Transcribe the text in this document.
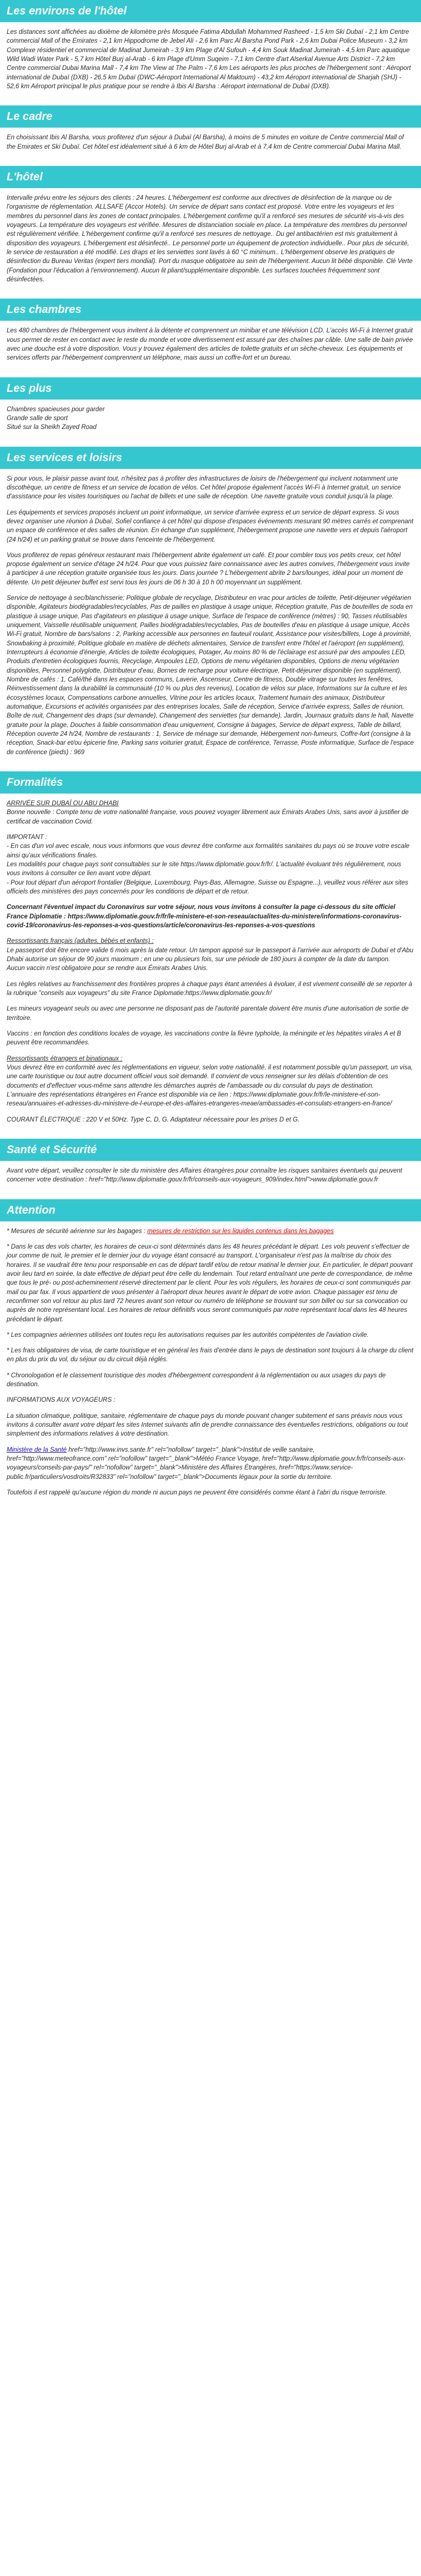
Les environs de l'hôtel

Les distances sont affichées au dixième de kilomètre près Mosquée Fatima Abdullah Mohammed Rasheed - 1,5 km Ski Dubaï - 2,1 km Centre commercial Mall of the Emirates - 2,1 km Hippodrome de Jebel Ali - 2,6 km Parc Al Barsha Pond Park - 2,6 km Dubai Police Museum - 3,2 km Complexe résidentiel et commercial de Madinat Jumeirah - 3,9 km Plage d'Al Sufouh - 4,4 km Souk Madinat Jumeirah - 4,5 km Parc aquatique Wild Wadi Water Park - 5,7 km Hôtel Burj al-Arab - 6 km Plage d'Umm Suqeim - 7,1 km Centre d'art Alserkal Avenue Arts District - 7,2 km Centre commercial Dubai Marina Mall - 7,4 km The View at The Palm - 7,6 km Les aéroports les plus proches de l'hébergement sont : Aéroport international de Dubaï (DXB) - 26,5 km Dubaï (DWC-Aéroport International Al Maktoum) - 43,2 km Aéroport international de Sharjah (SHJ) - 52,6 km Aéroport principal le plus pratique pour se rendre à Ibis Al Barsha : Aéroport international de Dubaï (DXB).

Le cadre

En choisissant Ibis Al Barsha, vous profiterez d'un séjour à Dubaï (Al Barsha), à moins de 5 minutes en voiture de Centre commercial Mall of the Emirates et Ski Dubaï. Cet hôtel est idéalement situé à 6 km de Hôtel Burj al-Arab et à 7,4 km de Centre commercial Dubai Marina Mall.

L'hôtel

Intervalle prévu entre les séjours des clients : 24 heures. L'hébergement est conforme aux directives de désinfection de la marque ou de l'organisme de réglementation. ALLSAFE (Accor Hotels). Un service de départ sans contact est proposé. Votre entre les voyageurs et les membres du personnel dans les zones de contact principales. L'hébergement confirme qu'il a renforcé ses mesures de sécurité vis-à-vis des voyageurs. La température des voyageurs est vérifiée. Mesures de distanciation sociale en place. La température des membres du personnel est régulièrement vérifiée. L'hébergement confirme qu'il a renforcé ses mesures de nettoyage.. Du gel antibactérien est mis gratuitement à disposition des voyageurs. L'hébergement est désinfecté.. Le personnel porte un équipement de protection individuelle.. Pour plus de sécurité, le service de restauration a été modifié. Les draps et les serviettes sont lavés à 60 °C minimum.. L'hébergement observe les pratiques de désinfection du Bureau Veritas (expert tiers mondial). Port du masque obligatoire au sein de l'hébergement. Aucun lit bébé disponible. Clé Verte (Fondation pour l'éducation à l'environnement). Aucun lit pliant/supplémentaire disponible. Les surfaces touchées fréquemment sont désinfectées.

Les chambres

Les 480 chambres de l'hébergement vous invitent à la détente et comprennent un minibar et une télévision LCD. L'accès Wi-Fi à Internet gratuit vous permet de rester en contact avec le reste du monde et votre divertissement est assuré par des chaînes par câble. Une salle de bain privée avec une douche est à votre disposition. Vous y trouvez également des articles de toilette gratuits et un sèche-cheveux. Les équipements et services offerts par l'hébergement comprennent un téléphone, mais aussi un coffre-fort et un bureau.

Les plus

Chambres spacieuses pour garder
Grande salle de sport
Situé sur la Sheikh Zayed Road

Les services et loisirs

Si pour vous, le plaisir passe avant tout, n'hésitez pas à profiter des infrastructures de loisirs de l'hébergement qui incluent notamment une discothèque, un centre de fitness et un service de location de vélos. Cet hôtel propose également l'accès Wi-Fi à Internet gratuit, un service d'assistance pour les visites touristiques ou l'achat de billets et une salle de réception. Une navette gratuite vous conduit jusqu'à la plage.

Les équipements et services proposés incluent un point informatique, un service d'arrivée express et un service de départ express. Si vous devez organiser une réunion à Dubaï, Sofiel confiance à cet hôtel qui dispose d'espaces événements mesurant 90 mètres carrés et comprenant un espace de conférence et des salles de réunion. En échange d'un supplément, l'hébergement propose une navette vers et depuis l'aéroport (24 h/24) et un parking gratuit se trouve dans l'enceinte de l'hébergement.

Vous profiterez de repas généreux restaurant mais l'hébergement abrite également un café. Et pour combler tous vos petits creux, cet hôtel propose également un service d'étage 24 h/24. Pour que vous puissiez faire connaissance avec les autres convives, l'hébergement vous invite à participer à une réception gratuite organisée tous les jours. Dans journée ? L'hébergement abrite 2 bars/lounges, idéal pour un moment de détente. Un petit déjeuner buffet est servi tous les jours de 06 h 30 à 10 h 00 moyennant un supplément.

Service de nettoyage à sec/blanchisserie; Politique globale de recyclage, Distributeur en vrac pour articles de toilette, Petit-déjeuner végétarien disponible, Agitateurs biodégradables/recyclables, Pas de pailles en plastique à usage unique, Réception gratuite, Pas de bouteilles de soda en plastique à usage unique, Pas d'agitateurs en plastique à usage unique, Surface de l'espace de conférence (mètres) : 90, Tasses réutilisables uniquement, Vaisselle réutilisable uniquement, Pailles biodégradables/recyclables, Pas de bouteilles d'eau en plastique à usage unique, Accès Wi-Fi gratuit, Nombre de bars/salons : 2, Parking accessible aux personnes en fauteuil roulant, Assistance pour visites/billets, Loge à provimité, Snowbaking à proximité, Politique globale en matière de déchets alimentaires, Service de transfert entre l'hôtel et l'aéroport (en supplément), Interrupteurs à économie d'énergie, Articles de toilette écologiques, Potager, Au moins 80 % de l'éclairage est assuré par des ampoules LED, Produits d'entretien écologiques fournis, Recyclage, Ampoules LED, Options de menu végétarien disponibles, Options de menu végétarien disponibles, Personnel polyglotte, Distributeur d'eau, Bornes de recharge pour voiture électrique, Petit-déjeuner disponible (en supplément), Nombre de cafés : 1, Café/thé dans les espaces communs, Laverie, Ascenseur, Centre de fitness, Double vitrage sur toutes les fenêtres, Réinvestissement dans la durabilité la communauté (10 % ou plus des revenus), Location de vélos sur place, Informations sur la culture et les écosystèmes locaux, Compensations carbone annuelles, Vitrine pour les articles locaux, Traitement humain des animaux, Distributeur automatique, Excursions et activités organisées par des entreprises locales, Salle de réception, Service d'arrivée express, Salles de réunion, Boîte de nuit, Changement des draps (sur demande), Changement des serviettes (sur demande), Jardin, Journaux gratuits dans le hall, Navette gratuite pour la plage, Douches à faible consommation d'eau uniquement, Consigne à bagages, Service de départ express, Table de billard, Réception ouverte 24 h/24, Nombre de restaurants : 1, Service de ménage sur demande, Hébergement non-fumeurs, Coffre-fort (consigne à la réception, Snack-bar et/ou épicerie fine, Parking sans voiturier gratuit, Espace de conférence, Terrasse, Poste informatique, Surface de l'espace de conférence (pieds) : 969

Formalités

ARRIVÉE SUR DUBAÏ OU ABU DHABI
Bonne nouvelle : Compte tenu de votre nationalité française, vous pouvez voyager librement aux Émirats Arabes Unis, sans avoir à justifier de certificat de vaccination Covid.

IMPORTANT :
- En cas d'un vol avec escale, nous vous informons que vous devrez être conforme aux formalités sanitaires du pays où se trouve votre escale ainsi qu'aux vérifications finales.
Les modalités pour chaque pays sont consultables sur le site https://www.diplomatie.gouv.fr/fr/. L'actualité évoluant très régulièrement, nous vous invitons à consulter ce lien avant votre départ.
- Pour tout départ d'un aéroport frontalier (Belgique, Luxembourg, Pays-Bas, Allemagne, Suisse ou Espagne...), veuillez vous référer aux sites officiels des ministères des pays concernés pour les conditions de départ et de retour.

Concernant l'éventuel impact du Coronavirus sur votre séjour, nous vous invitons à consulter la page ci-dessous du site officiel France Diplomatie : https://www.diplomatie.gouv.fr/fr/le-ministere-et-son-reseau/actualites-du-ministere/informations-coronavirus-covid-19/coronavirus-les-reponses-a-vos-questions/article/coronavirus-les-reponses-a-vos-questions

Ressortissants français (adultes, bébés et enfants) :
Le passeport doit être encore valide 6 mois après la date retour. Un tampon apposé sur le passeport à l'arrivée aux aéroports de Dubaï et d'Abu Dhabi autorise un séjour de 90 jours maximum ; en une ou plusieurs fois, sur une période de 180 jours à compter de la date du tampon.
Aucun vaccin n'est obligatoire pour se rendre aux Émirats Arabes Unis.

Les règles relatives au franchissement des frontières propres à chaque pays étant amenées à évoluer, il est vivement conseillé de se reporter à la rubrique "conseils aux voyageurs" du site France Diplomatie:https://www.diplomatie.gouv.fr/

Les mineurs voyageant seuls ou avec une personne ne disposant pas de l'autorité parentale doivent être munis d'une autorisation de sortie de territoire.

Vaccins : en fonction des conditions locales de voyage, les vaccinations contre la fièvre typhoïde, la méningite et les hépatites virales A et B peuvent être recommandées.

Ressortissants étrangers et binationaux :
Vous devrez être en conformité avec les réglementations en vigueur, selon votre nationalité, il est notamment possible qu'un passeport, un visa, une carte touristique ou tout autre document officiel vous soit demandé. Il convient de vous renseigner sur les délais d'obtention de ces documents et d'effectuer vous-même sans attendre les démarches auprès de l'ambassade ou du consulat du pays de destination.
L'annuaire des représentations étrangères en France est disponible via ce lien : https://www.diplomatie.gouv.fr/fr/le-ministere-et-son-reseau/annuaires-et-adresses-du-ministere-de-l-europe-et-des-affaires-etrangeres-meae/ambassades-et-consulats-etrangers-en-france/

COURANT ÉLECTRIQUE : 220 V et 50Hz. Type C, D, G. Adaptateur nécessaire pour les prises D et G.

Santé et Sécurité

Avant votre départ, veuillez consulter le site du ministère des Affaires étrangères pour connaître les risques sanitaires éventuels qui peuvent concerner votre destination : href="http://www.diplomatie.gouv.fr/fr/conseils-aux-voyageurs_909/index.html">www.diplomatie.gouv.fr

Attention

* Mesures de sécurité aérienne sur les bagages : mesures de restriction sur les liquides contenus dans les bagages

* Dans le cas des vols charter, les horaires de ceux-ci sont déterminés dans les 48 heures précédant le départ. Les vols peuvent s'effectuer de jour comme de nuit, le premier et le dernier jour du voyage étant consacré au transport. L'organisateur n'est pas la maîtrise du choix des horaires. Il se vaudrait être tenu pour responsable en cas de départ tardif et/ou de retour matinal le dernier jour. En particulier, le départ pouvant avoir lieu tard en soirée, la date effective de départ peut être celle du lendemain. Tout retard entraînant une perte de correspondance, de même que tous le pré- ou post-acheminement réservé directement par le client. Pour les vols réguliers, les horaires de ceux-ci sont communiqués par mail ou par fax. Il vous appartient de vous présenter à l'aéroport deux heures avant le départ de votre avion. Chaque passager est tenu de reconfirmer son vol retour au plus tard 72 heures avant son retour ou numéro de téléphone se trouvant sur son billet ou sur sa convocation ou auprès de notre représentant local. Les horaires de retour définitifs vous seront communiqués par notre représentant local dans les 48 heures précédant le départ.

* Les compagnies aériennes utilisées ont toutes reçu les autorisations requises par les autorités compétentes de l'aviation civile.

* Les frais obligatoires de visa, de carte touristique et en général les frais d'entrée dans le pays de destination sont toujours à la charge du client en plus du prix du vol, du séjour ou du circuit déjà réglés.

* Chronologation et le classement touristique des modes d'hébergement correspondent à la réglementation ou aux usages du pays de destination.

INFORMATIONS AUX VOYAGEURS :

La situation climatique, politique, sanitaire, réglementaire de chaque pays du monde pouvant changer subitement et sans préavis nous vous invitons à consulter avant votre départ les sites Internet suivants afin de prendre connaissance des éventuelles restrictions, obligations ou tout simplement des informations relatives à votre destination.

Ministère de la Santé href="http://www.invs.sante.fr" rel="nofollow" target="_blank">Institut de veille sanitaire, href="http://www.meteofrance.com" rel="nofollow" target="_blank">Météo France Voyage, href="http://www.diplomatie.gouv.fr/fr/conseils-aux-voyageurs/conseils-par-pays/" rel="nofollow" target="_blank">Ministère des Affaires Étrangères, href="https://www.service-public.fr/particuliers/vosdroits/R32833" rel="nofollow" target="_blank">Documents légaux pour la sortie du territoire.

Toutefois il est rappelé qu'aucune région du monde ni aucun pays ne peuvent être considérés comme étant à l'abri du risque terroriste.
